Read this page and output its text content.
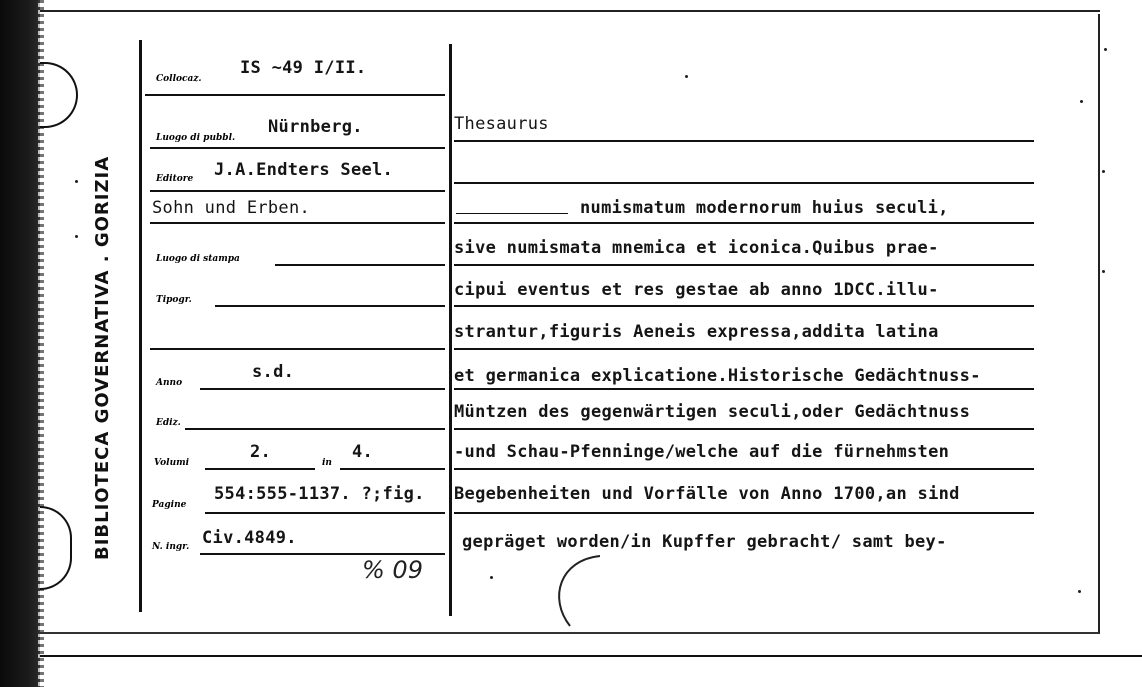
BIBLIOTECA GOVERNATIVA . GORIZIA
Collocaz.
IS ~49 I/II.
Luogo di pubbl.
Nürnberg.
Editore J.A.Endters Seel.
Sohn und Erben.
Luogo di stampa
Tipogr.
Anno
s.d.
Ediz.
Volumi
2.
in
4.
Pagine
554:555-1137. ?;fig.
N. ingr. Civ.4849.
% 09
Thesaurus
numismatum modernorum huius seculi,
sive numismata mnemica et iconica.Quibus prae-
cipui eventus et res gestae ab anno 1DCC.illu-
strantur,figuris Aeneis expressa,addita latina
et germanica explicatione.Historische Gedächtnuss-
Müntzen des gegenwärtigen seculi,oder Gedächtnuss
-und Schau-Pfenninge/welche auf die fürnehmsten
Begebenheiten und Vorfälle von Anno 1700,an sind
gepräget worden/in Kupffer gebracht/ samt bey-
